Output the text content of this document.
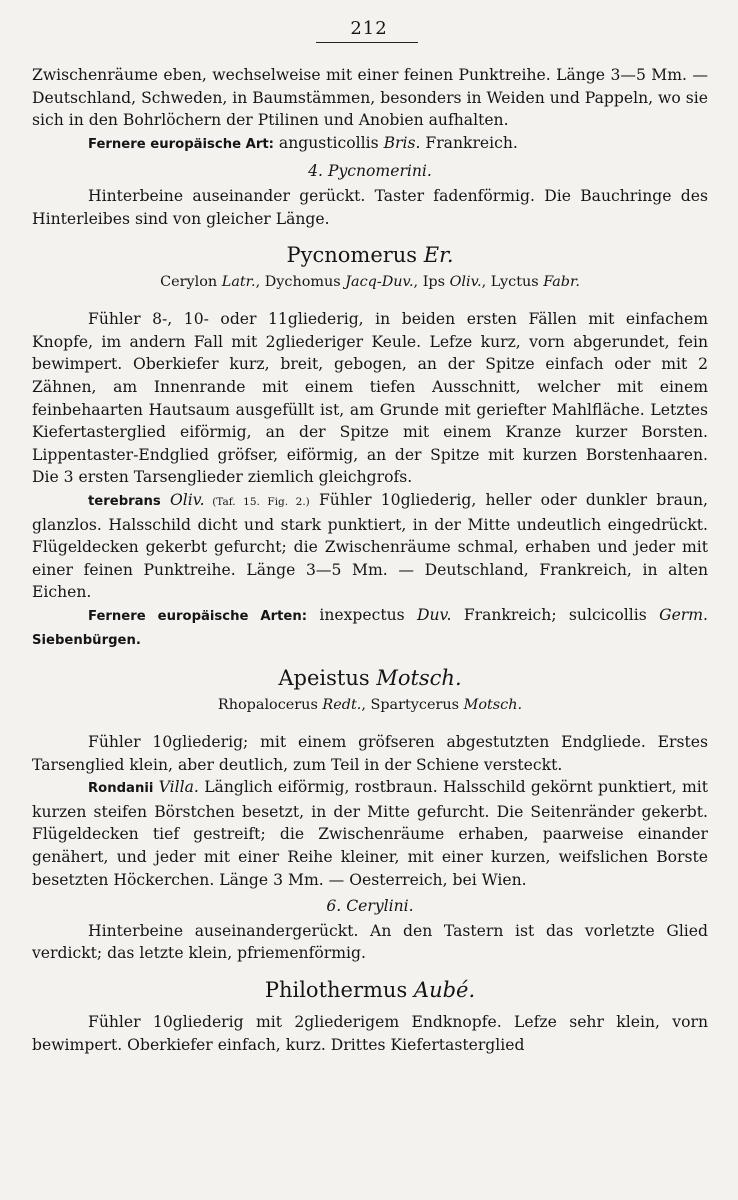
212

Zwischenräume eben, wechselweise mit einer feinen Punktreihe. Länge 3—5 Mm. — Deutschland, Schweden, in Baumstämmen, besonders in Weiden und Pappeln, wo sie sich in den Bohrlöchern der Ptilinen und Anobien aufhalten.

Fernere europäische Art: angusticollis Bris. Frankreich.

4. Pycnomerini.

Hinterbeine auseinander gerückt. Taster fadenförmig. Die Bauchringe des Hinterleibes sind von gleicher Länge.

Pycnomerus Er.
Cerylon Latr., Dychomus Jacq-Duv., Ips Oliv., Lyctus Fabr.

Fühler 8-, 10- oder 11gliederig, in beiden ersten Fällen mit einfachem Knopfe, im andern Fall mit 2gliederiger Keule. Lefze kurz, vorn abgerundet, fein bewimpert. Oberkiefer kurz, breit, gebogen, an der Spitze einfach oder mit 2 Zähnen, am Innenrande mit einem tiefen Ausschnitt, welcher mit einem feinbehaarten Hautsaum ausgefüllt ist, am Grunde mit geriefter Mahlfläche. Letztes Kiefertasterglied eiförmig, an der Spitze mit einem Kranze kurzer Borsten. Lippentaster-Endglied gröfser, eiförmig, an der Spitze mit kurzen Borstenhaaren. Die 3 ersten Tarsenglieder ziemlich gleichgrofs.

terebrans Oliv. (Taf. 15. Fig. 2.) Fühler 10gliederig, heller oder dunkler braun, glanzlos. Halsschild dicht und stark punktiert, in der Mitte undeutlich eingedrückt. Flügeldecken gekerbt gefurcht; die Zwischenräume schmal, erhaben und jeder mit einer feinen Punktreihe. Länge 3—5 Mm. — Deutschland, Frankreich, in alten Eichen.

Fernere europäische Arten: inexpectus Duv. Frankreich; sulcicollis Germ. Siebenbürgen.

Apeistus Motsch.
Rhopalocerus Redt., Spartycerus Motsch.

Fühler 10gliederig; mit einem gröfseren abgestutzten Endgliede. Erstes Tarsenglied klein, aber deutlich, zum Teil in der Schiene versteckt.

Rondanii Villa. Länglich eiförmig, rostbraun. Halsschild gekörnt punktiert, mit kurzen steifen Börstchen besetzt, in der Mitte gefurcht. Die Seitenränder gekerbt. Flügeldecken tief gestreift; die Zwischenräume erhaben, paarweise einander genähert, und jeder mit einer Reihe kleiner, mit einer kurzen, weifslichen Borste besetzten Höckerchen. Länge 3 Mm. — Oesterreich, bei Wien.

6. Cerylini.

Hinterbeine auseinandergerückt. An den Tastern ist das vorletzte Glied verdickt; das letzte klein, pfriemenförmig.

Philothermus Aubé.

Fühler 10gliederig mit 2gliederigem Endknopfe. Lefze sehr klein, vorn bewimpert. Oberkiefer einfach, kurz. Drittes Kiefertasterglied
